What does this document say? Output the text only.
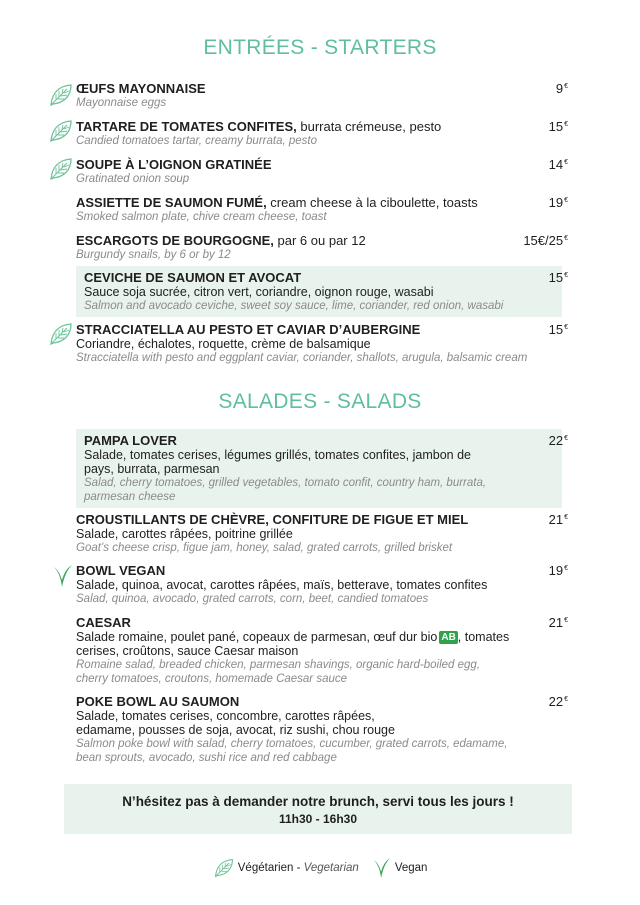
ENTRÉES - STARTERS
ŒUFS MAYONNAISE
Mayonnaise eggs
9€
TARTARE DE TOMATES CONFITES, burrata crémeuse, pesto
Candied tomatoes tartar, creamy burrata, pesto
15€
SOUPE À L’OIGNON GRATINÉE
Gratinated onion soup
14€
ASSIETTE DE SAUMON FUMÉ, cream cheese à la ciboulette, toasts
Smoked salmon plate, chive cream cheese, toast
19€
ESCARGOTS DE BOURGOGNE, par 6 ou par 12
Burgundy snails, by 6 or by 12
15€/25€
CEVICHE DE SAUMON ET AVOCAT
Sauce soja sucrée, citron vert, coriandre, oignon rouge, wasabi
Salmon and avocado ceviche, sweet soy sauce, lime, coriander, red onion, wasabi
15€
STRACCIATELLA AU PESTO ET CAVIAR D’AUBERGINE
Coriandre, échalotes, roquette, crème de balsamique
Stracciatella with pesto and eggplant caviar, coriander, shallots, arugula, balsamic cream
15€
SALADES - SALADS
PAMPA LOVER
Salade, tomates cerises, légumes grillés, tomates confites, jambon de pays, burrata, parmesan
Salad, cherry tomatoes, grilled vegetables, tomato confit, country ham, burrata, parmesan cheese
22€
CROUSTILLANTS DE CHÈVRE, CONFITURE DE FIGUE ET MIEL
Salade, carottes râpées, poitrine grillée
Goat’s cheese crisp, figue jam, honey, salad, grated carrots, grilled brisket
21€
BOWL VEGAN
Salade, quinoa, avocat, carottes râpées, maïs, betterave, tomates confites
Salad, quinoa, avocado, grated carrots, corn, beet, candied tomatoes
19€
CAESAR
Salade romaine, poulet pané, copeaux de parmesan, œuf dur bio AB , tomates cerises, croûtons, sauce Caesar maison
Romaine salad, breaded chicken, parmesan shavings, organic hard-boiled egg, cherry tomatoes, croutons, homemade Caesar sauce
21€
POKE BOWL AU SAUMON
Salade, tomates cerises, concombre, carottes râpées, edamame, pousses de soja, avocat, riz sushi, chou rouge
Salmon poke bowl with salad, cherry tomatoes, cucumber, grated carrots, edamame, bean sprouts, avocado, sushi rice and red cabbage
22€
N’hésitez pas à demander notre brunch, servi tous les jours !
11h30 - 16h30
Végétarien - Vegetarian	Vegan
